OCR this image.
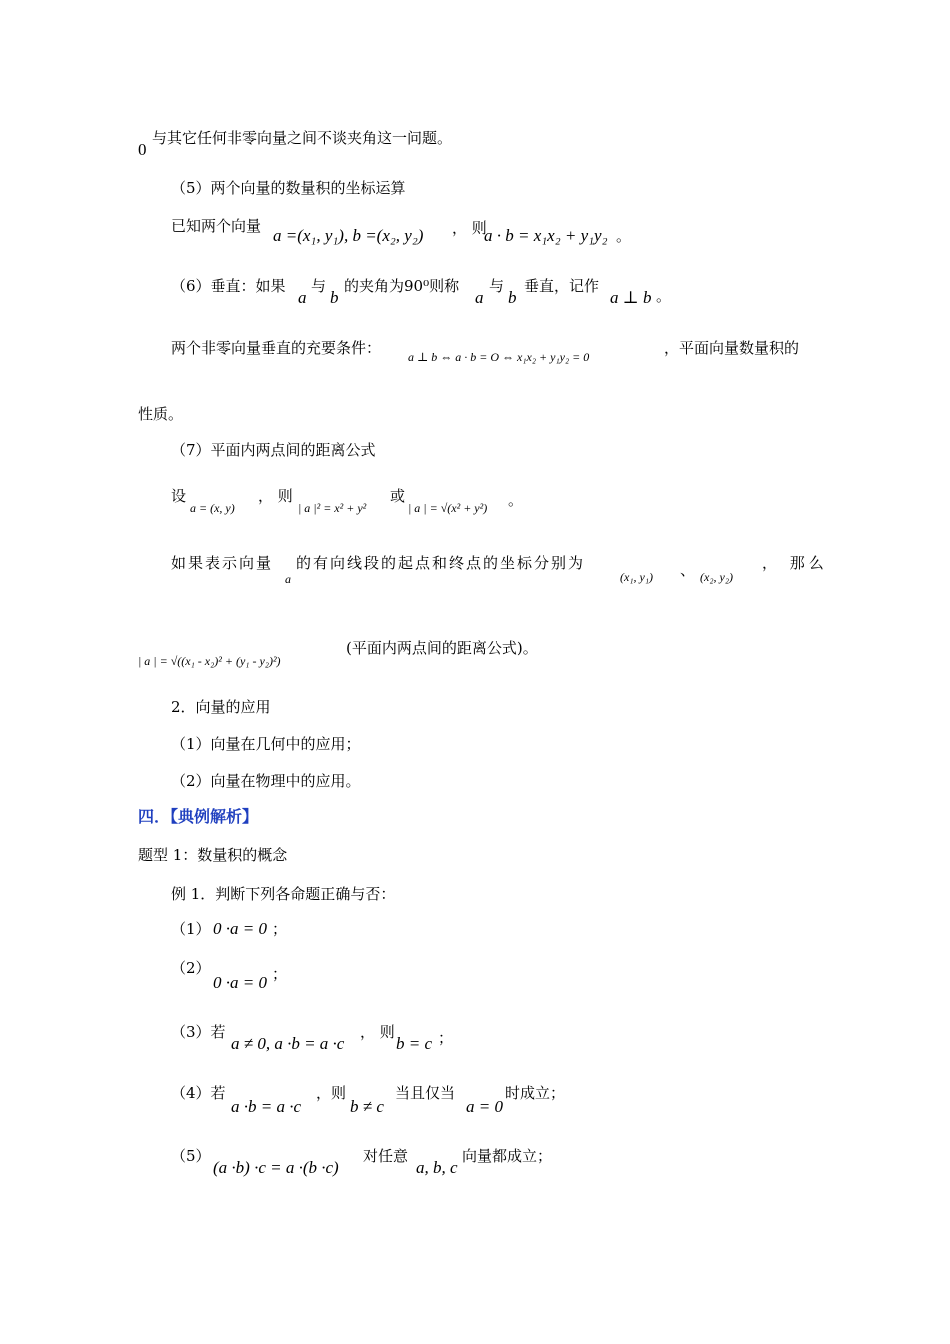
0
与其它任何非零向量之间不谈夹角这一问题。
（5）两个向量的数量积的坐标运算
已知两个向量 a =(x₁, y₁), b =(x₂, y₂) ， 则
a · b = x₁x₂ + y₁y₂ 。
（6）垂直：如果
a
与
b
的夹角为90⁰则称
a
与
b
垂直，记作
a ⊥ b 。
两个非零向量垂直的充要条件： a ⊥ b ⇔ a · b = O ⇔ x₁x₂ + y₁y₂ = 0	，平面向量数量积的
性质。
（7）平面内两点间的距离公式
设
a = (x, y)
， 则
| a |² = x² + y²
或
| a | = √(x² + y²) 。
如果表示向量
a
的有向线段的起点和终点的坐标分别为
(x₁, y₁) 、 (x₂, y₂)
， 那么
| a | = √((x₁ - x₂)² + (y₁ - y₂)²)
(平面内两点间的距离公式)。
2．向量的应用
（1）向量在几何中的应用；
（2）向量在物理中的应用。
四．【典例解析】
题型 1：数量积的概念
例 1．判断下列各命题正确与否：
（1） 0 ·a = 0 ；
（2）
0 ·a = 0 ；
（3）若
a ≠ 0, a ·b = a ·c
， 则
b = c ；
（4）若
a ·b = a ·c
，则
b ≠ c
当且仅当
a = 0
时成立；
（5）
(a ·b) ·c = a ·(b ·c)
对任意
a, b, c
向量都成立；
